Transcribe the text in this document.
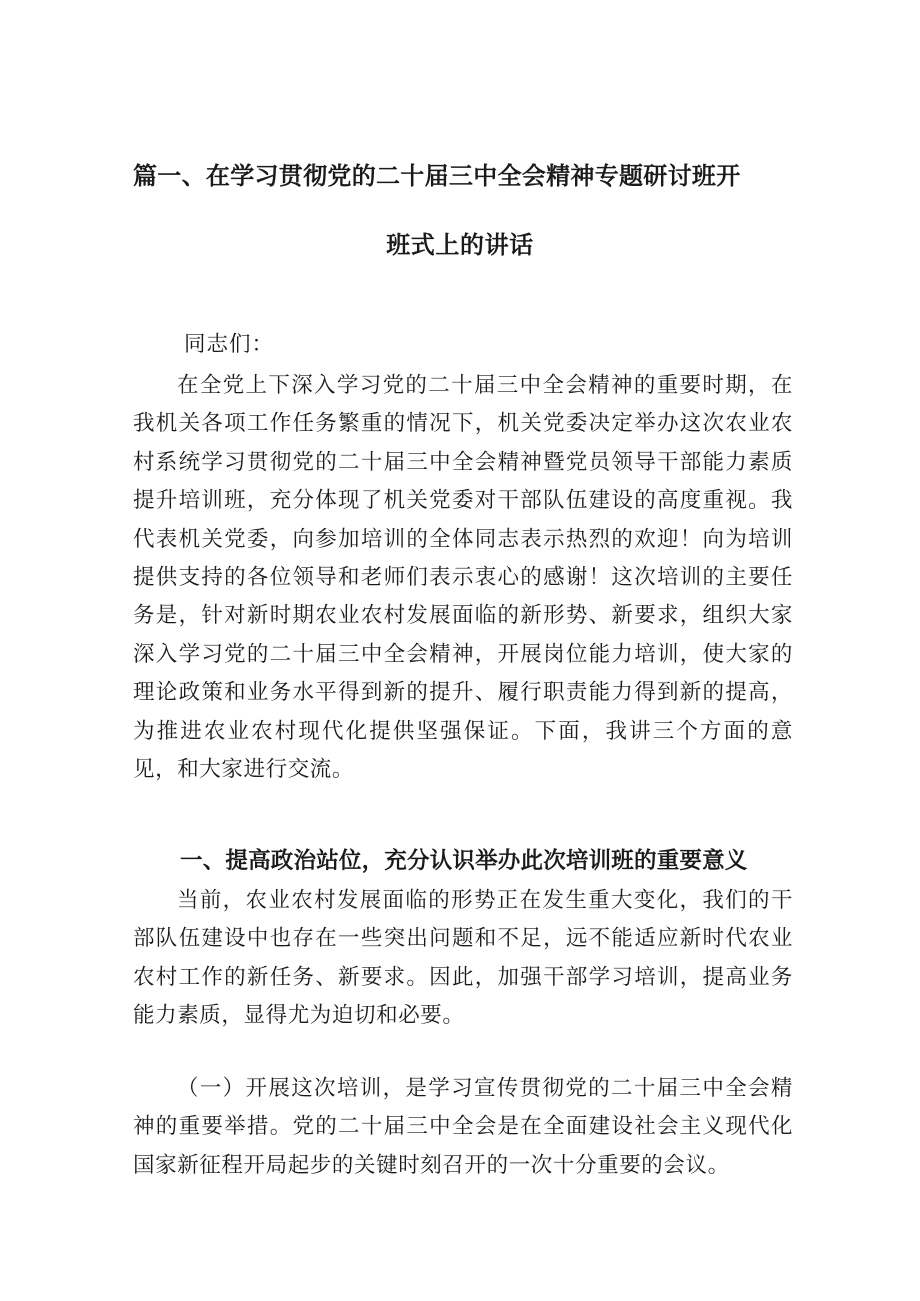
篇一、在学习贯彻党的二十届三中全会精神专题研讨班开
班式上的讲话

同志们：

在全党上下深入学习党的二十届三中全会精神的重要时期，在我机关各项工作任务繁重的情况下，机关党委决定举办这次农业农村系统学习贯彻党的二十届三中全会精神暨党员领导干部能力素质提升培训班，充分体现了机关党委对干部队伍建设的高度重视。我代表机关党委，向参加培训的全体同志表示热烈的欢迎！向为培训提供支持的各位领导和老师们表示衷心的感谢！这次培训的主要任务是，针对新时期农业农村发展面临的新形势、新要求，组织大家深入学习党的二十届三中全会精神，开展岗位能力培训，使大家的理论政策和业务水平得到新的提升、履行职责能力得到新的提高，为推进农业农村现代化提供坚强保证。下面，我讲三个方面的意见，和大家进行交流。

一、提高政治站位，充分认识举办此次培训班的重要意义

当前，农业农村发展面临的形势正在发生重大变化，我们的干部队伍建设中也存在一些突出问题和不足，远不能适应新时代农业农村工作的新任务、新要求。因此，加强干部学习培训，提高业务能力素质，显得尤为迫切和必要。

（一）开展这次培训，是学习宣传贯彻党的二十届三中全会精神的重要举措。党的二十届三中全会是在全面建设社会主义现代化国家新征程开局起步的关键时刻召开的一次十分重要的会议。
